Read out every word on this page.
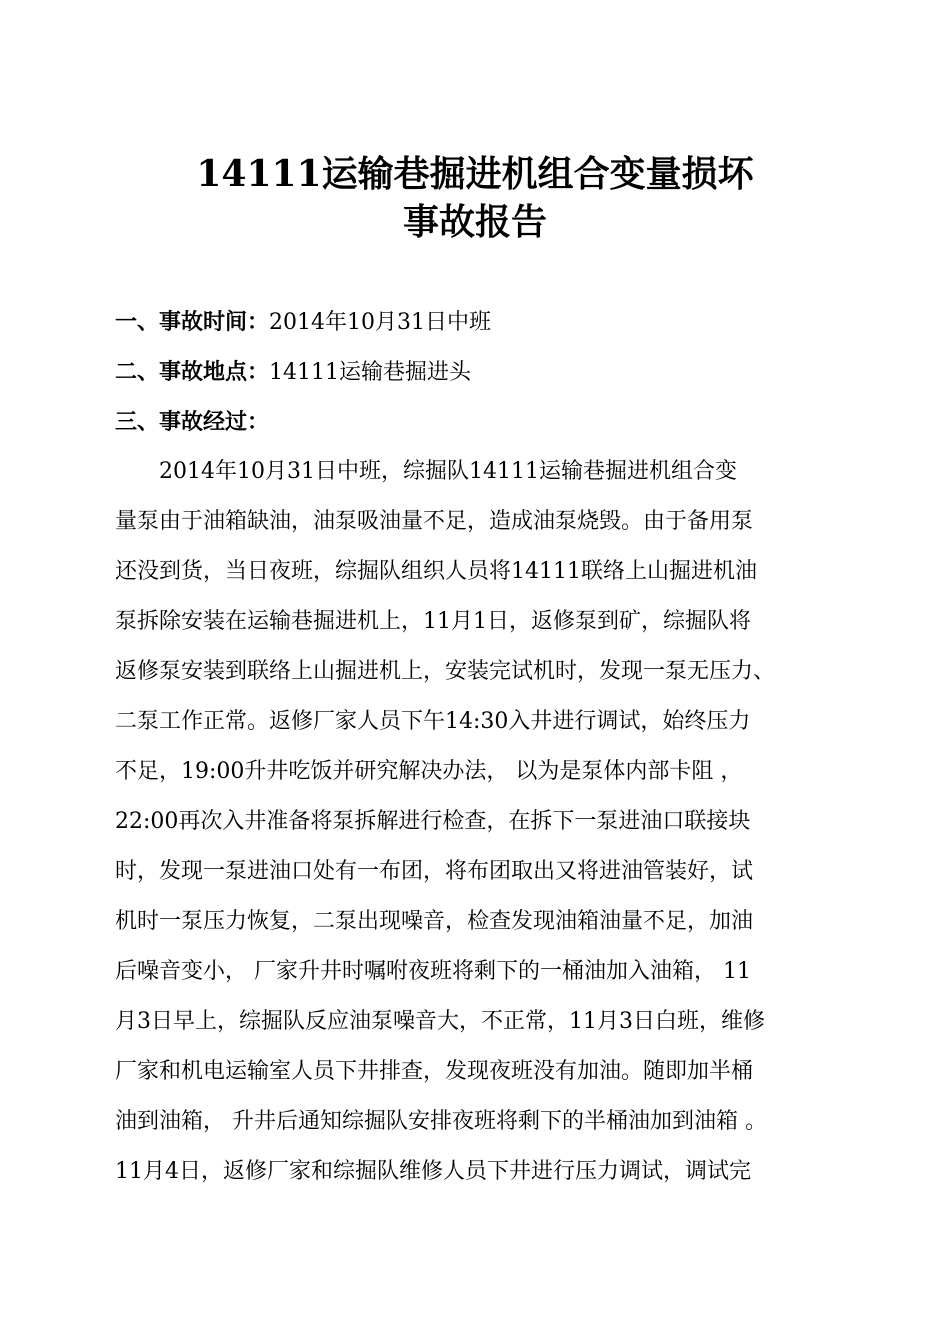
14111运输巷掘进机组合变量损坏
事故报告
一、事故时间：2014年10月31日中班
二、事故地点：14111运输巷掘进头
三、事故经过：
2014年10月31日中班，综掘队14111运输巷掘进机组合变
量泵由于油箱缺油，油泵吸油量不足，造成油泵烧毁。由于备用泵
还没到货，当日夜班，综掘队组织人员将14111联络上山掘进机油
泵拆除安装在运输巷掘进机上，11月1日，返修泵到矿，综掘队将
返修泵安装到联络上山掘进机上，安装完试机时，发现一泵无压力、
二泵工作正常。返修厂家人员下午14:30入井进行调试，始终压力
不足，19:00升井吃饭并研究解决办法， 以为是泵体内部卡阻 ，
22:00再次入井准备将泵拆解进行检查，在拆下一泵进油口联接块
时，发现一泵进油口处有一布团，将布团取出又将进油管装好，试
机时一泵压力恢复，二泵出现噪音，检查发现油箱油量不足，加油
后噪音变小， 厂家升井时嘱咐夜班将剩下的一桶油加入油箱， 11
月3日早上，综掘队反应油泵噪音大，不正常，11月3日白班，维修
厂家和机电运输室人员下井排查，发现夜班没有加油。随即加半桶
油到油箱， 升井后通知综掘队安排夜班将剩下的半桶油加到油箱 。
11月4日，返修厂家和综掘队维修人员下井进行压力调试，调试完
